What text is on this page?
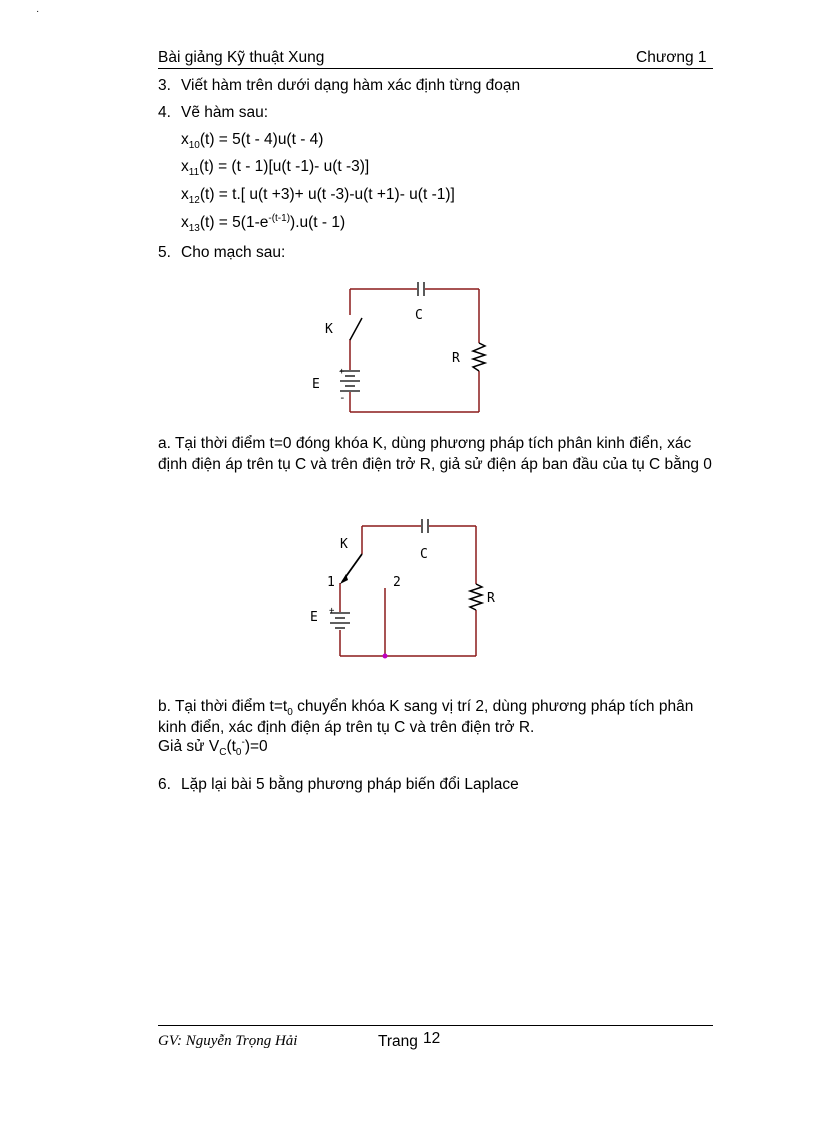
·
Bài giảng Kỹ thuật Xung	Chương 1
3. Viết hàm trên dưới dạng hàm xác định từng đoạn
4. Vẽ hàm sau:
$x_{10}(t) = 5(t - 4)u(t - 4)$
$x_{11}(t) = (t - 1)[u(t$ -1)- u(t -3)]
$x_{12}(t) = t$.[ u(t +3)+ u(t -3)-u(t +1)- u(t -1)]
$x_{13}(t) = 5(1-e^{-(t-1)}).u(t - 1)$
5. Cho mạch sau:
K
C
R
E
+
-
a. Tại thời điểm t=0 đóng khóa K, dùng phương pháp tích phân kinh điển, xác định điện áp trên tụ C và trên điện trở R, giả sử điện áp ban đầu của tụ C bằng 0
K
C
R
E
1	2
+
b. Tại thời điểm $t=t_0$ chuyển khóa K sang vị trí 2, dùng phương pháp tích phân kinh điển, xác định điện áp trên tụ C và trên điện trở R.
Giả sử $V_C(t_0^-)=0$
6. Lặp lại bài 5 bằng phương pháp biến đổi Laplace
GV: Nguyễn Trọng Hải	Trang 12
